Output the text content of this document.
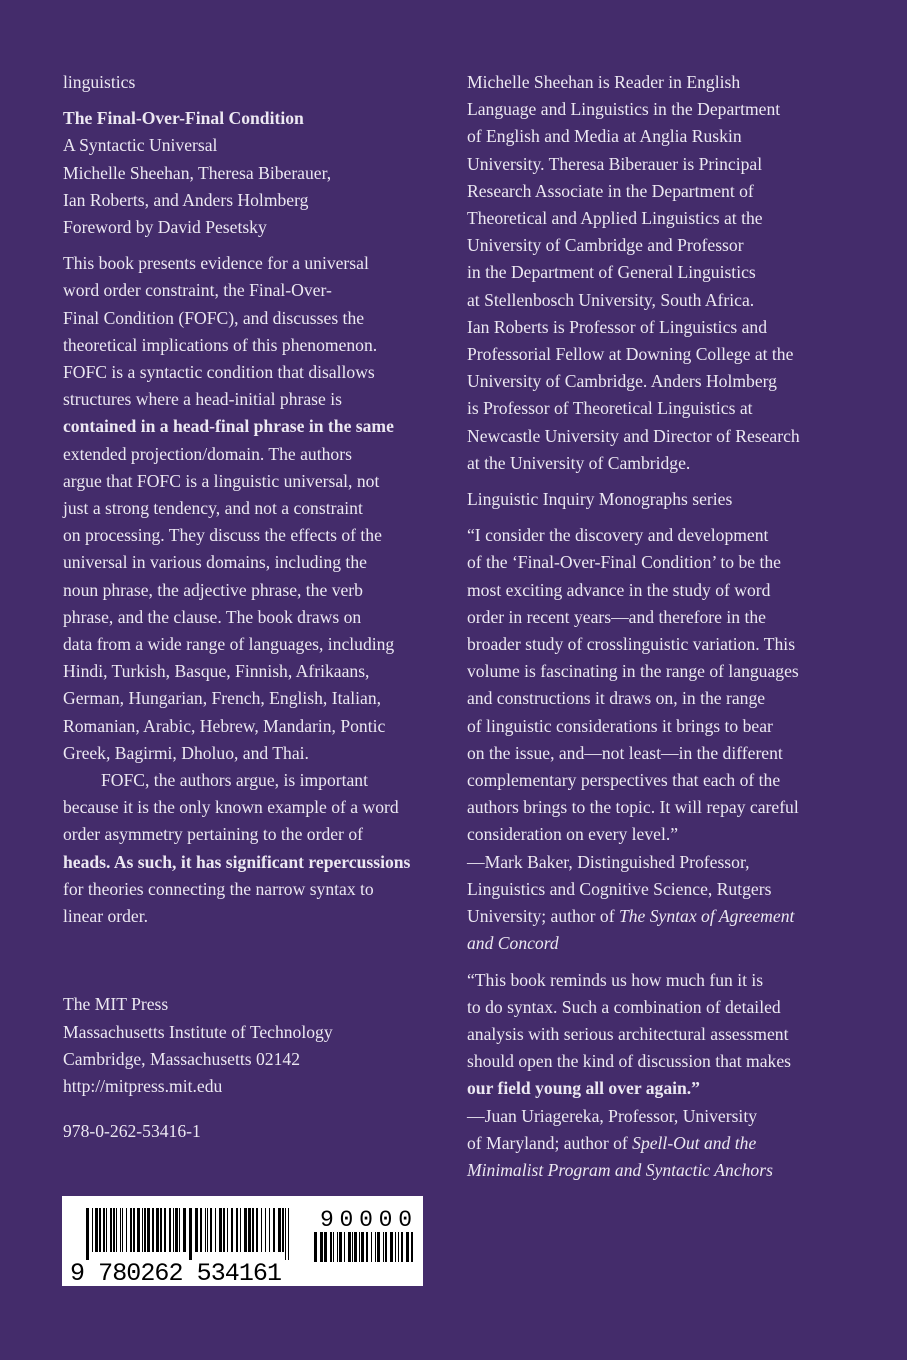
linguistics
The Final-Over-Final Condition
A Syntactic Universal
Michelle Sheehan, Theresa Biberauer,
Ian Roberts, and Anders Holmberg
Foreword by David Pesetsky
This book presents evidence for a universal
word order constraint, the Final-Over-
Final Condition (FOFC), and discusses the
theoretical implications of this phenomenon.
FOFC is a syntactic condition that disallows
structures where a head-initial phrase is
contained in a head-final phrase in the same
extended projection/domain. The authors
argue that FOFC is a linguistic universal, not
just a strong tendency, and not a constraint
on processing. They discuss the effects of the
universal in various domains, including the
noun phrase, the adjective phrase, the verb
phrase, and the clause. The book draws on
data from a wide range of languages, including
Hindi, Turkish, Basque, Finnish, Afrikaans,
German, Hungarian, French, English, Italian,
Romanian, Arabic, Hebrew, Mandarin, Pontic
Greek, Bagirmi, Dholuo, and Thai.
FOFC, the authors argue, is important
because it is the only known example of a word
order asymmetry pertaining to the order of
heads. As such, it has significant repercussions
for theories connecting the narrow syntax to
linear order.
The MIT Press
Massachusetts Institute of Technology
Cambridge, Massachusetts 02142
http://mitpress.mit.edu
978-0-262-53416-1
9 780262 534161
90000
Michelle Sheehan is Reader in English
Language and Linguistics in the Department
of English and Media at Anglia Ruskin
University. Theresa Biberauer is Principal
Research Associate in the Department of
Theoretical and Applied Linguistics at the
University of Cambridge and Professor
in the Department of General Linguistics
at Stellenbosch University, South Africa.
Ian Roberts is Professor of Linguistics and
Professorial Fellow at Downing College at the
University of Cambridge. Anders Holmberg
is Professor of Theoretical Linguistics at
Newcastle University and Director of Research
at the University of Cambridge.
Linguistic Inquiry Monographs series
“I consider the discovery and development
of the ‘Final-Over-Final Condition’ to be the
most exciting advance in the study of word
order in recent years—and therefore in the
broader study of crosslinguistic variation. This
volume is fascinating in the range of languages
and constructions it draws on, in the range
of linguistic considerations it brings to bear
on the issue, and—not least—in the different
complementary perspectives that each of the
authors brings to the topic. It will repay careful
consideration on every level.”
—Mark Baker, Distinguished Professor,
Linguistics and Cognitive Science, Rutgers
University; author of The Syntax of Agreement
and Concord
“This book reminds us how much fun it is
to do syntax. Such a combination of detailed
analysis with serious architectural assessment
should open the kind of discussion that makes
our field young all over again.”
—Juan Uriagereka, Professor, University
of Maryland; author of Spell-Out and the
Minimalist Program and Syntactic Anchors
